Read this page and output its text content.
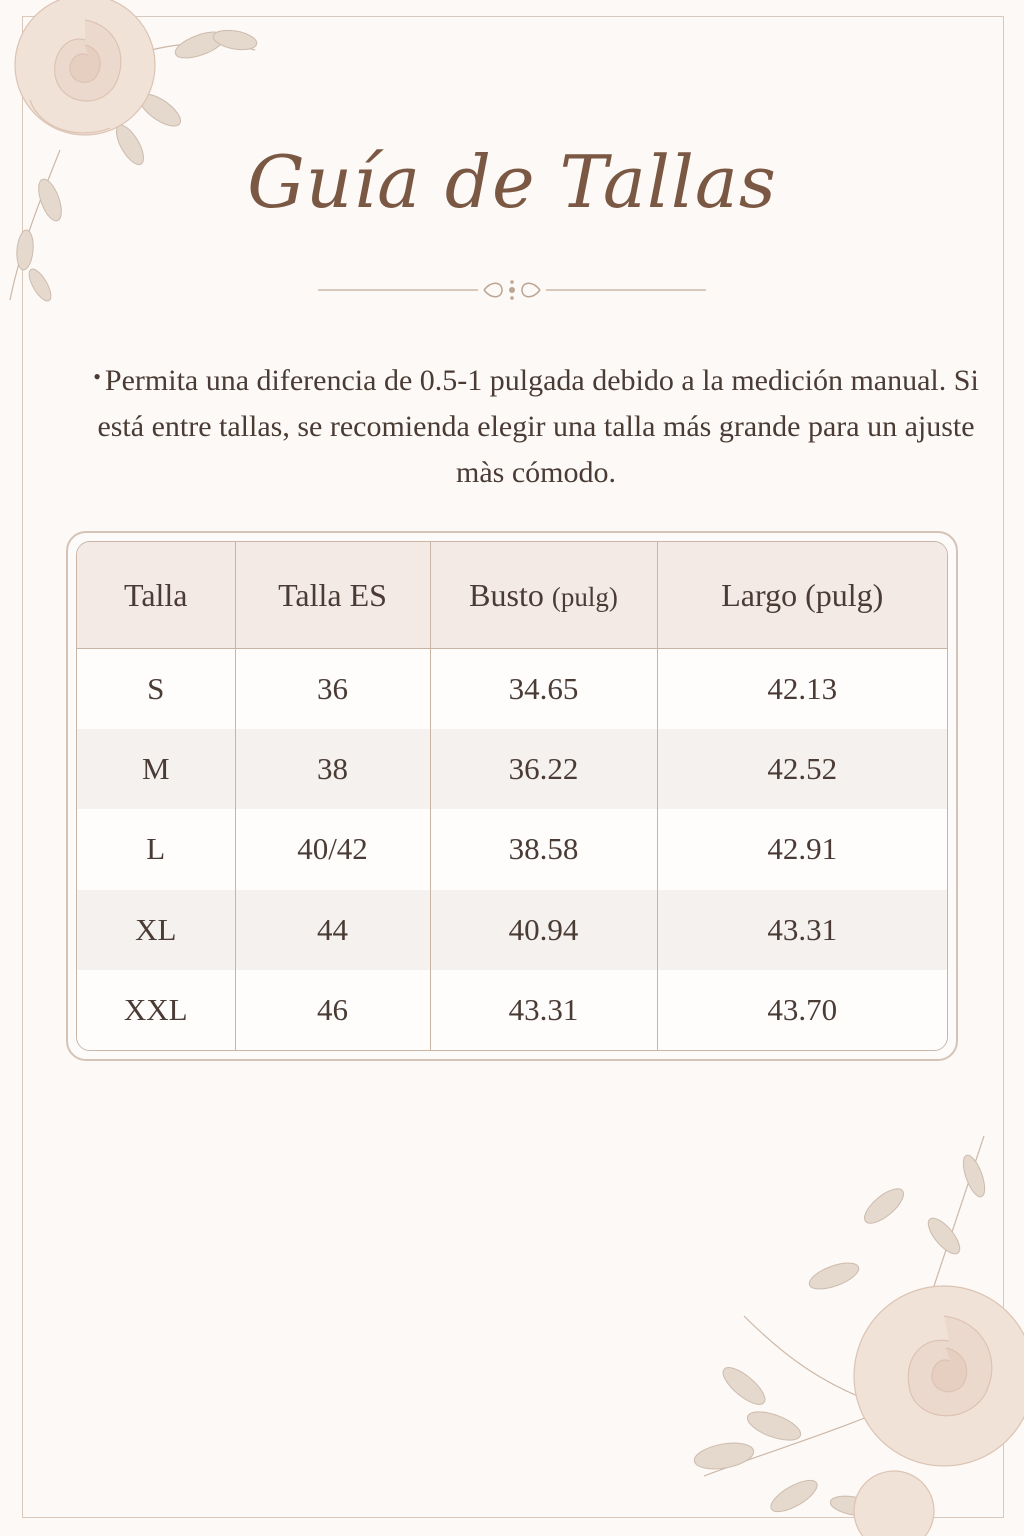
Guía de Tallas
• Permita una diferencia de 0.5-1 pulgada debido a la medición manual. Si está entre tallas, se recomienda elegir una talla más grande para un ajuste màs cómodo.
Talla	Talla ES	Busto (pulg)	Largo (pulg)
S	36	34.65	42.13
M	38	36.22	42.52
L	40/42	38.58	42.91
XL	44	40.94	43.31
XXL	46	43.31	43.70
